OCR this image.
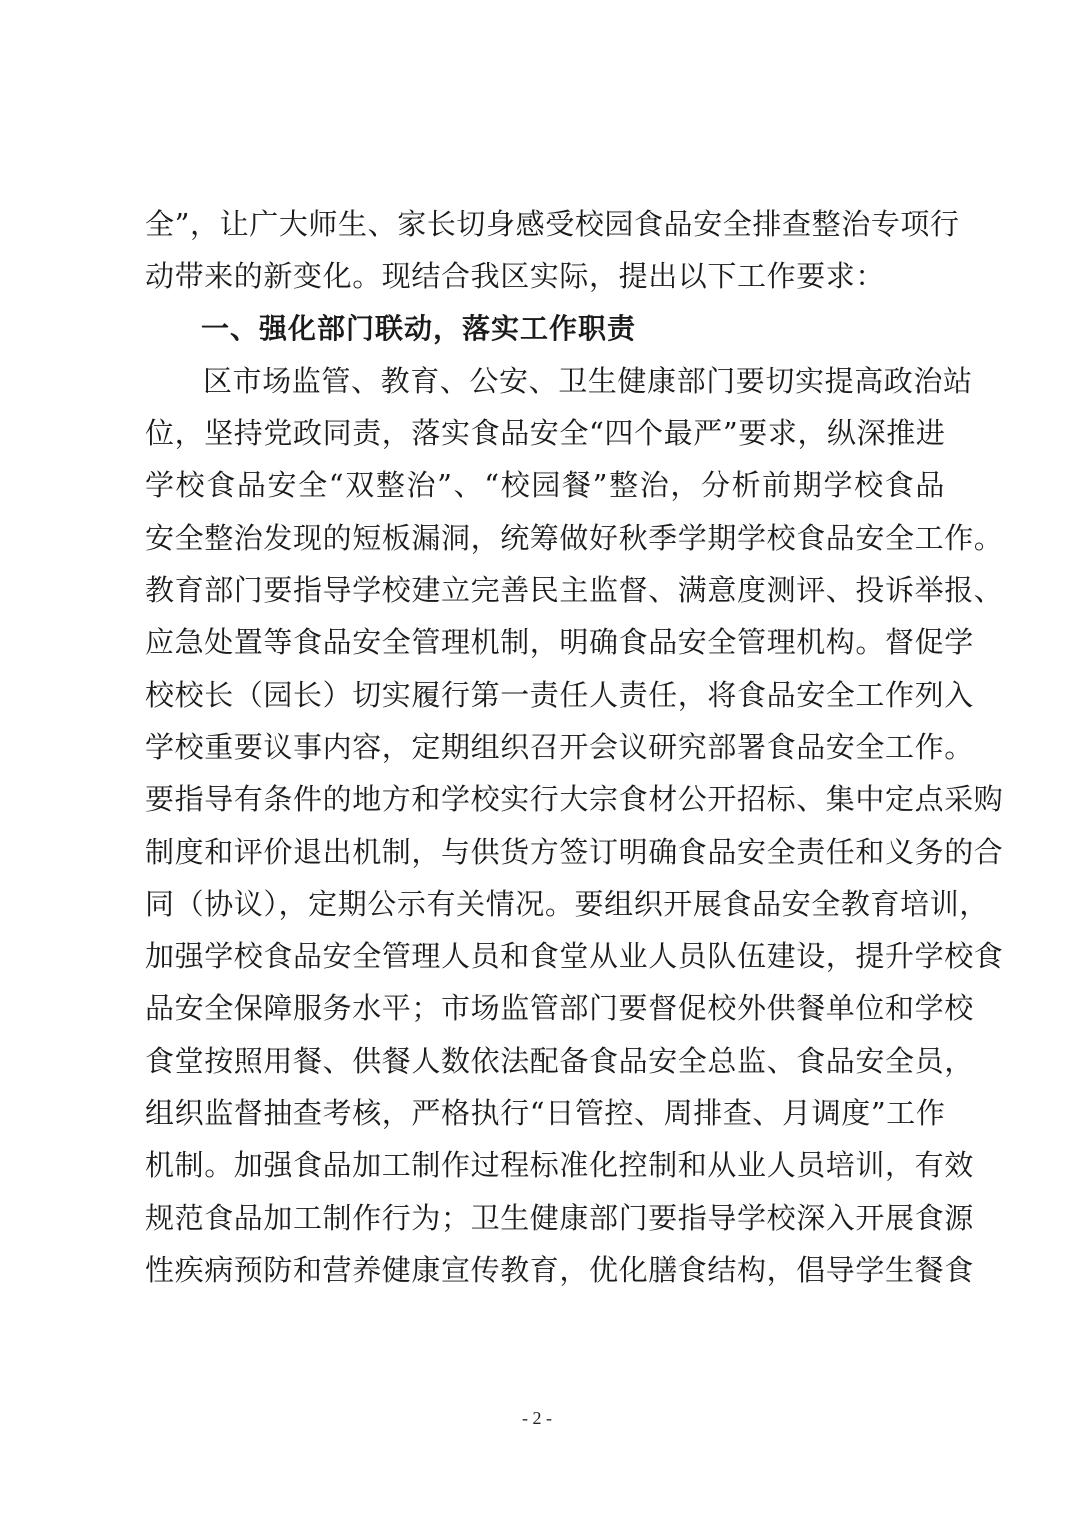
全”，让广大师生、家长切身感受校园食品安全排查整治专项行
动带来的新变化。现结合我区实际，提出以下工作要求：
一、强化部门联动，落实工作职责
区市场监管、教育、公安、卫生健康部门要切实提高政治站
位，坚持党政同责，落实食品安全“四个最严”要求，纵深推进
学校食品安全“双整治”、“校园餐”整治，分析前期学校食品
安全整治发现的短板漏洞，统筹做好秋季学期学校食品安全工作。
教育部门要指导学校建立完善民主监督、满意度测评、投诉举报、
应急处置等食品安全管理机制，明确食品安全管理机构。督促学
校校长（园长）切实履行第一责任人责任，将食品安全工作列入
学校重要议事内容，定期组织召开会议研究部署食品安全工作。
要指导有条件的地方和学校实行大宗食材公开招标、集中定点采购
制度和评价退出机制，与供货方签订明确食品安全责任和义务的合
同（协议），定期公示有关情况。要组织开展食品安全教育培训，
加强学校食品安全管理人员和食堂从业人员队伍建设，提升学校食
品安全保障服务水平；市场监管部门要督促校外供餐单位和学校
食堂按照用餐、供餐人数依法配备食品安全总监、食品安全员，
组织监督抽查考核，严格执行“日管控、周排查、月调度”工作
机制。加强食品加工制作过程标准化控制和从业人员培训，有效
规范食品加工制作行为；卫生健康部门要指导学校深入开展食源
性疾病预防和营养健康宣传教育，优化膳食结构，倡导学生餐食
- 2 -
